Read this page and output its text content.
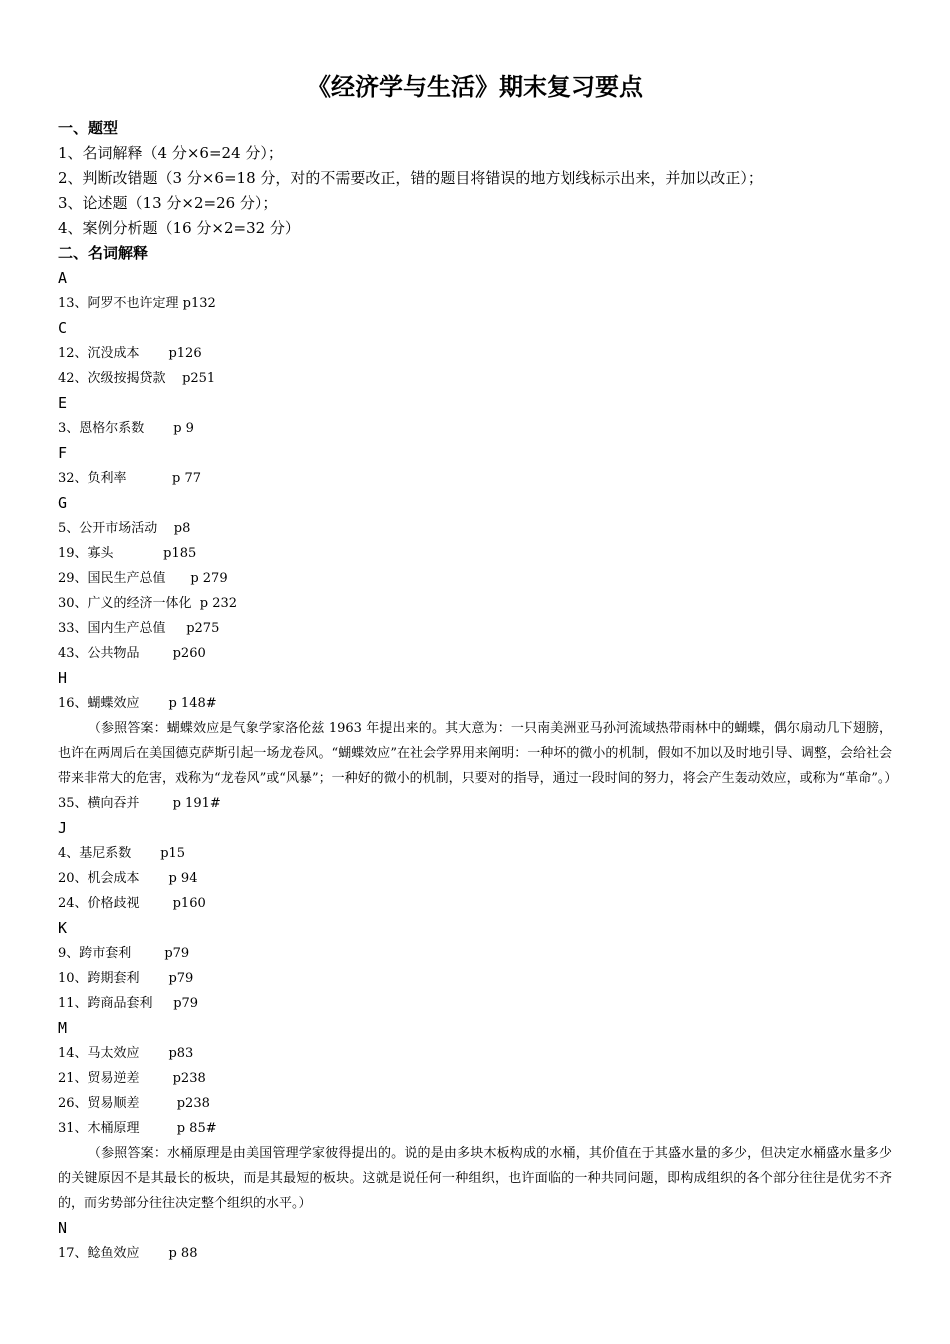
《经济学与生活》期末复习要点
一、题型
1、名词解释（4 分×6=24 分）；
2、判断改错题（3 分×6=18 分，对的不需要改正，错的题目将错误的地方划线标示出来，并加以改正）；
3、论述题（13 分×2=26 分）；
4、案例分析题（16 分×2=32 分）
二、名词解释
A
13、阿罗不也许定理 p132
C
12、沉没成本       p126
42、次级按揭贷款    p251
E
3、恩格尔系数       p 9
F
32、负利率           p 77
G
5、公开市场活动    p8
19、寡头            p185
29、国民生产总值      p 279
30、广义的经济一体化  p 232
33、国内生产总值     p275
43、公共物品        p260
H
16、蝴蝶效应       p 148#
（参照答案：蝴蝶效应是气象学家洛伦兹 1963 年提出来的。其大意为：一只南美洲亚马孙河流域热带雨林中的蝴蝶，偶尔扇动几下翅膀，也许在两周后在美国德克萨斯引起一场龙卷风。“蝴蝶效应”在社会学界用来阐明：一种坏的微小的机制，假如不加以及时地引导、调整，会给社会带来非常大的危害，戏称为“龙卷风”或“风暴”；一种好的微小的机制，只要对的指导，通过一段时间的努力，将会产生轰动效应，或称为“革命”。）
35、横向吞并        p 191#
J
4、基尼系数       p15
20、机会成本       p 94
24、价格歧视        p160
K
9、跨市套利        p79
10、跨期套利       p79
11、跨商品套利     p79
M
14、马太效应       p83
21、贸易逆差        p238
26、贸易顺差         p238
31、木桶原理         p 85#
（参照答案：水桶原理是由美国管理学家彼得提出的。说的是由多块木板构成的水桶，其价值在于其盛水量的多少，但决定水桶盛水量多少的关键原因不是其最长的板块，而是其最短的板块。这就是说任何一种组织，也许面临的一种共同问题，即构成组织的各个部分往往是优劣不齐的，而劣势部分往往决定整个组织的水平。）
N
17、鲶鱼效应       p 88
